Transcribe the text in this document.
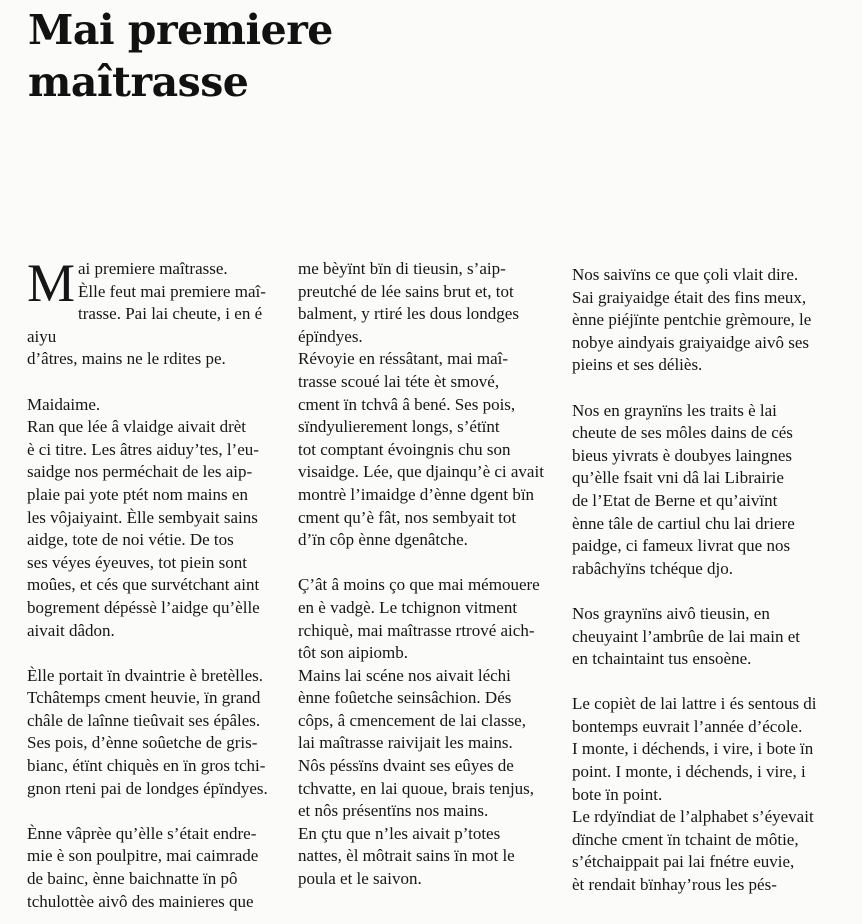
Mai premiere
maîtrasse
M ai premiere maîtrasse.
Èlle feut mai premiere maî-
trasse. Pai lai cheute, i en é aiyu
d’âtres, mains ne le rdites pe.

Maidaime.
Ran que lée â vlaidge aivait drèt
è ci titre. Les âtres aiduy’tes, l’eu-
saidge nos perméchait de les aip-
plaie pai yote ptét nom mains en
les vôjaiyaint. Èlle sembyait sains
aidge, tote de noi vétie. De tos
ses véyes éyeuves, tot piein sont
moûes, et cés que survétchant aint
bogrement dépéssè l’aidge qu’èlle
aivait dâdon.

Èlle portait ïn dvaintrie è bretèlles.
Tchâtemps cment heuvie, ïn grand
châle de laînne tieûvait ses épâles.
Ses pois, d’ènne soûetche de gris-
bianc, étïnt chiquès en ïn gros tchi-
gnon rteni pai de londges épïndyes.

Ènne vâprèe qu’èlle s’était endre-
mie è son poulpitre, mai caimrade
de bainc, ènne baichnatte ïn pô
tchulottèe aivô des mainieres que

me bèyïnt bïn di tieusin, s’aip-
preutché de lée sains brut et, tot
balment, y rtiré les dous londges
épïndyes.
Révoyie en réssâtant, mai maî-
trasse scoué lai téte èt smové,
cment ïn tchvâ â bené. Ses pois,
sïndyulierement longs, s’étïnt
tot comptant évoingnis chu son
visaidge. Lée, que djainqu’è ci avait
montrè l’imaidge d’ènne dgent bïn
cment qu’è fât, nos sembyait tot
d’ïn côp ènne dgenâtche.

Ç’ât â moins ço que mai mémouere
en è vadgè. Le tchignon vitment
rchiquè, mai maîtrasse rtrové aich-
tôt son aipiomb.
Mains lai scéne nos aivait léchi
ènne foûetche seinsâchion. Dés
côps, â cmencement de lai classe,
lai maîtrasse raivijait les mains.
Nôs péssïns dvaint ses eûyes de
tchvatte, en lai quoue, brais tenjus,
et nôs présentïns nos mains.
En çtu que n’les aivait p’totes
nattes, èl môtrait sains ïn mot le
poula et le saivon.

Nos saivïns ce que çoli vlait dire.
Sai graiyaidge était des fins meux,
ènne piéjïnte pentchie grèmoure, le
nobye aindyais graiyaidge aivô ses
pieins et ses déliès.

Nos en graynïns les traits è lai
cheute de ses môles dains de cés
bieus yivrats è doubyes laingnes
qu’èlle fsait vni dâ lai Librairie
de l’Etat de Berne et qu’aivïnt
ènne tâle de cartiul chu lai driere
paidge, ci fameux livrat que nos
rabâchyïns tchéque djo.

Nos graynïns aivô tieusin, en
cheuyaint l’ambrûe de lai main et
en tchaintaint tus ensoène.

Le copièt de lai lattre i és sentous di
bontemps euvrait l’année d’école.
I monte, i déchends, i vire, i bote ïn
point. I monte, i déchends, i vire, i
bote ïn point.
Le rdyïndiat de l’alphabet s’éyevait
dïnche cment ïn tchaint de môtie,
s’étchaippait pai lai fnétre euvie,
èt rendait bïnhay’rous les pés-
